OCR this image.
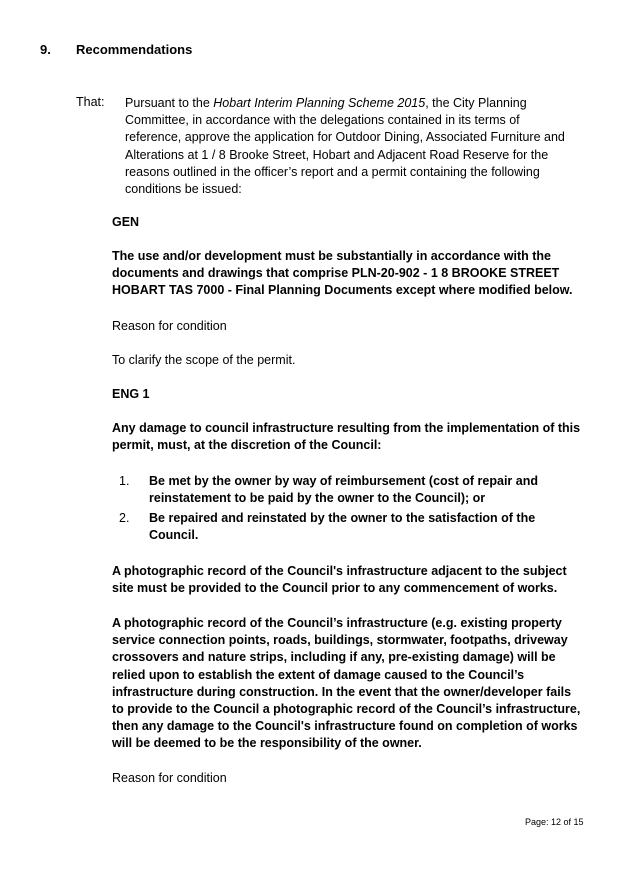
9. Recommendations
That: Pursuant to the Hobart Interim Planning Scheme 2015, the City Planning Committee, in accordance with the delegations contained in its terms of reference, approve the application for Outdoor Dining, Associated Furniture and Alterations at 1 / 8 Brooke Street, Hobart and Adjacent Road Reserve for the reasons outlined in the officer’s report and a permit containing the following conditions be issued:
GEN
The use and/or development must be substantially in accordance with the documents and drawings that comprise PLN-20-902 - 1 8 BROOKE STREET HOBART TAS 7000 - Final Planning Documents except where modified below.
Reason for condition
To clarify the scope of the permit.
ENG 1
Any damage to council infrastructure resulting from the implementation of this permit, must, at the discretion of the Council:
1. Be met by the owner by way of reimbursement (cost of repair and reinstatement to be paid by the owner to the Council); or
2. Be repaired and reinstated by the owner to the satisfaction of the Council.
A photographic record of the Council's infrastructure adjacent to the subject site must be provided to the Council prior to any commencement of works.
A photographic record of the Council’s infrastructure (e.g. existing property service connection points, roads, buildings, stormwater, footpaths, driveway crossovers and nature strips, including if any, pre-existing damage) will be relied upon to establish the extent of damage caused to the Council’s infrastructure during construction. In the event that the owner/developer fails to provide to the Council a photographic record of the Council’s infrastructure, then any damage to the Council's infrastructure found on completion of works will be deemed to be the responsibility of the owner.
Reason for condition
Page: 12 of 15
